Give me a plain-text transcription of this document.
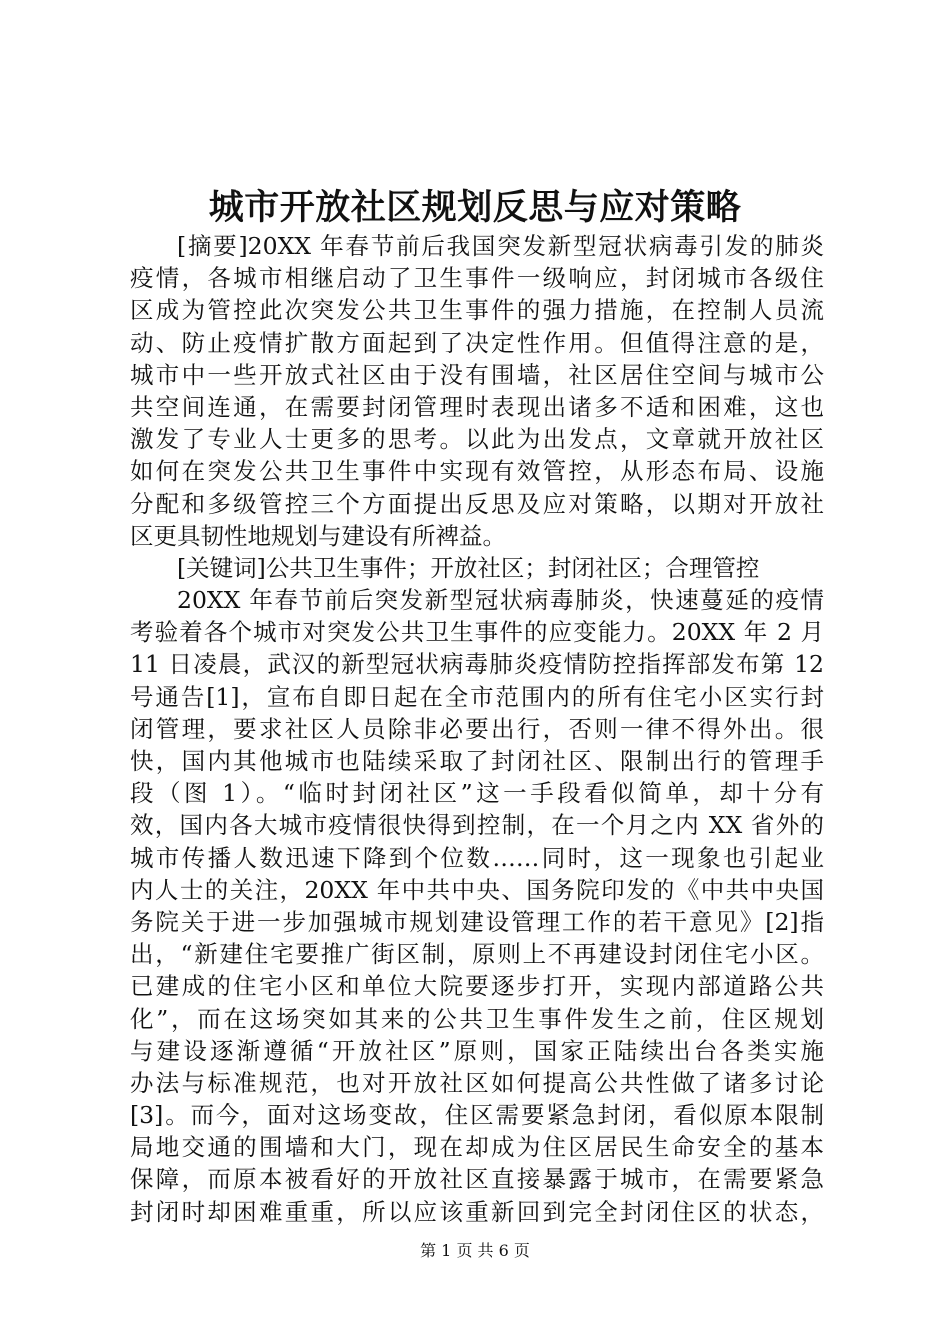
城市开放社区规划反思与应对策略
[摘要]20XX 年春节前后我国突发新型冠状病毒引发的肺炎
疫情，各城市相继启动了卫生事件一级响应，封闭城市各级住
区成为管控此次突发公共卫生事件的强力措施，在控制人员流
动、防止疫情扩散方面起到了决定性作用。但值得注意的是，
城市中一些开放式社区由于没有围墙，社区居住空间与城市公
共空间连通，在需要封闭管理时表现出诸多不适和困难，这也
激发了专业人士更多的思考。以此为出发点，文章就开放社区
如何在突发公共卫生事件中实现有效管控，从形态布局、设施
分配和多级管控三个方面提出反思及应对策略，以期对开放社
区更具韧性地规划与建设有所裨益。
[关键词]公共卫生事件；开放社区；封闭社区；合理管控
20XX 年春节前后突发新型冠状病毒肺炎，快速蔓延的疫情
考验着各个城市对突发公共卫生事件的应变能力。20XX 年 2 月
11 日凌晨，武汉的新型冠状病毒肺炎疫情防控指挥部发布第 12
号通告[1]，宣布自即日起在全市范围内的所有住宅小区实行封
闭管理，要求社区人员除非必要出行，否则一律不得外出。很
快，国内其他城市也陆续采取了封闭社区、限制出行的管理手
段（图 1）。“临时封闭社区”这一手段看似简单，却十分有
效，国内各大城市疫情很快得到控制，在一个月之内 XX 省外的
城市传播人数迅速下降到个位数……同时，这一现象也引起业
内人士的关注，20XX 年中共中央、国务院印发的《中共中央国
务院关于进一步加强城市规划建设管理工作的若干意见》[2]指
出，“新建住宅要推广街区制，原则上不再建设封闭住宅小区。
已建成的住宅小区和单位大院要逐步打开，实现内部道路公共
化”，而在这场突如其来的公共卫生事件发生之前，住区规划
与建设逐渐遵循“开放社区”原则，国家正陆续出台各类实施
办法与标准规范，也对开放社区如何提高公共性做了诸多讨论
[3]。而今，面对这场变故，住区需要紧急封闭，看似原本限制
局地交通的围墙和大门，现在却成为住区居民生命安全的基本
保障，而原本被看好的开放社区直接暴露于城市，在需要紧急
封闭时却困难重重，所以应该重新回到完全封闭住区的状态，
第 1 页 共 6 页
